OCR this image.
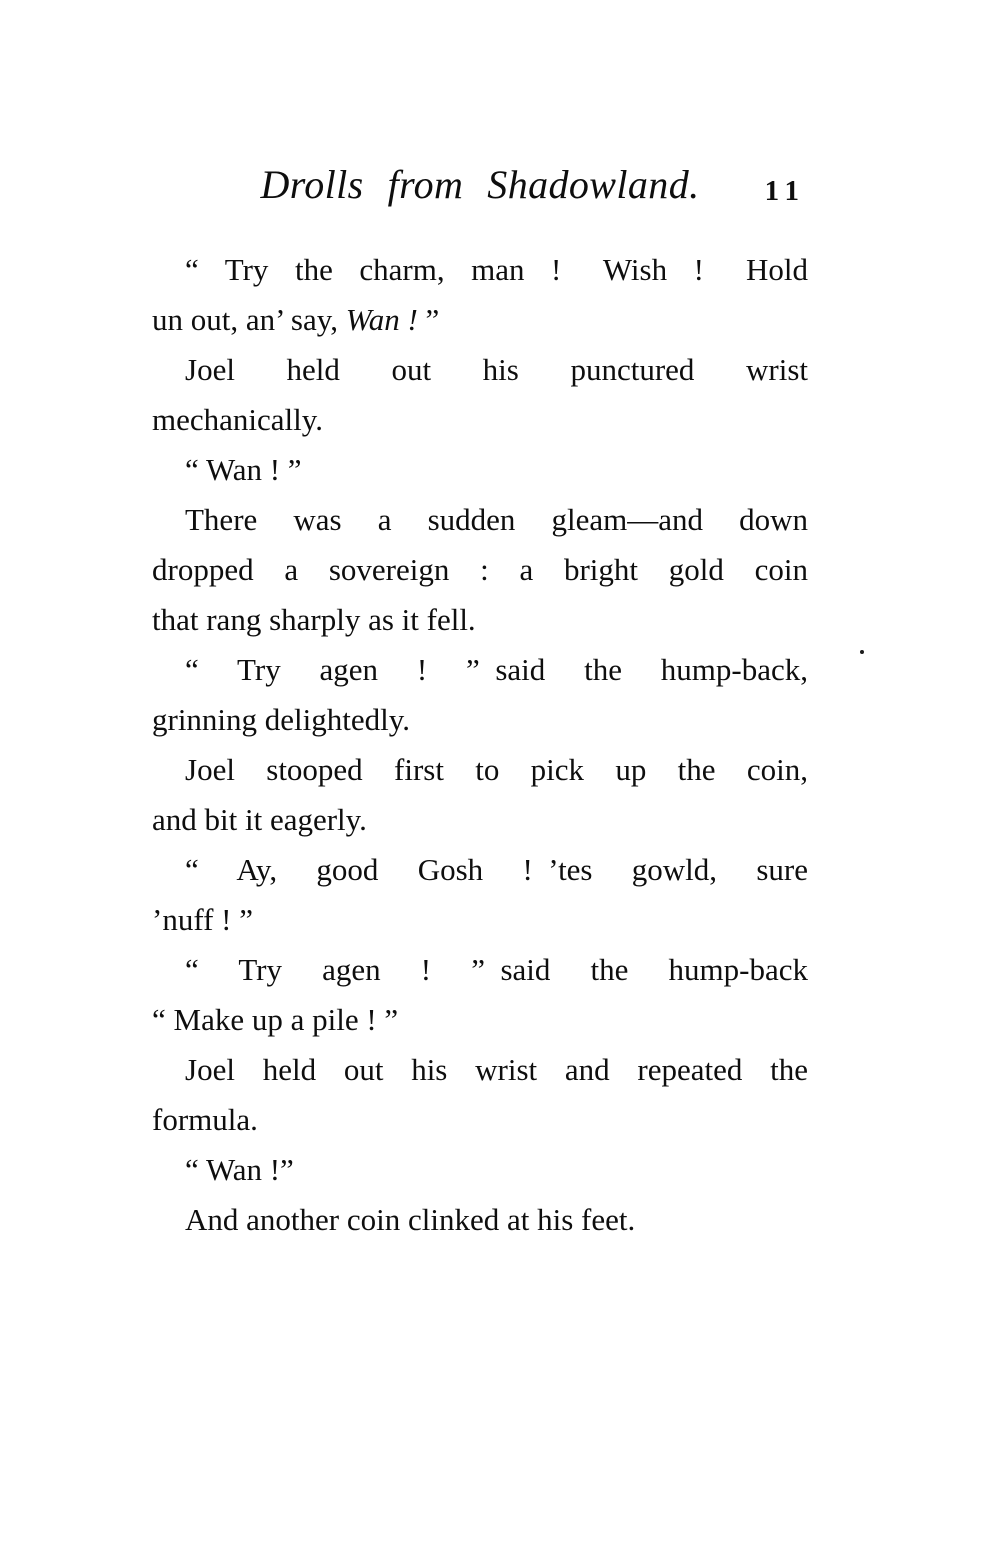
Drolls from Shadowland.	11
“ Try the charm, man !  Wish !  Hold
un out, an’ say, Wan ! ”
Joel held out his punctured wrist
mechanically.
“ Wan ! ”
There was a sudden gleam—and down
dropped a sovereign : a bright gold coin
that rang sharply as it fell.
“ Try agen ! ” said the hump-back,
grinning delightedly.
Joel stooped first to pick up the coin,
and bit it eagerly.
“ Ay, good Gosh ! ’tes gowld, sure
’nuff ! ”
“ Try agen ! ” said the hump-back
“ Make up a pile ! ”
Joel held out his wrist and repeated the
formula.
“ Wan !”
And another coin clinked at his feet.
